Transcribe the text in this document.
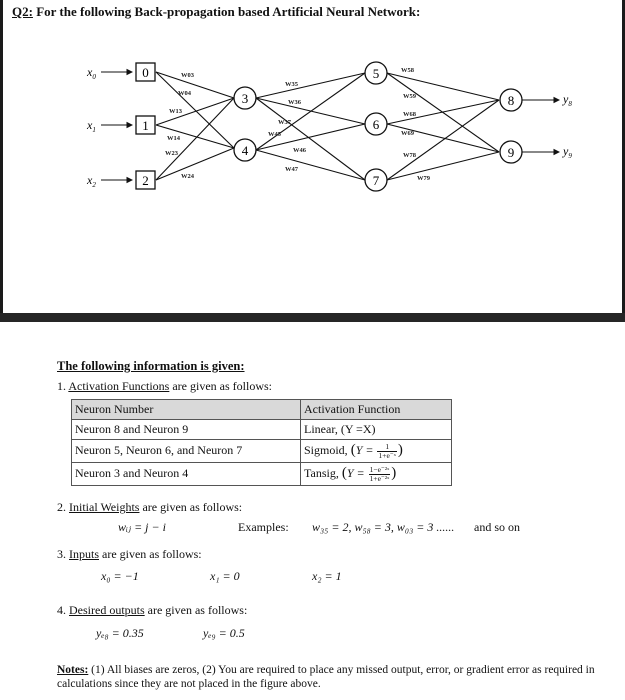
Q2: For the following Back-propagation based Artificial Neural Network:
$x_0$
$x_1$
$x_2$
0
1
2
3
4
5
6
7
8
9
$y_8$
$y_9$
W03
W04
W13
W14
W23
W24
W35
W36
W37
W45
W46
W47
W58
W59
W68
W69
W78
W79
The following information is given:
1. Activation Functions are given as follows:
Neuron Number	Activation Function
Neuron 8 and Neuron 9	Linear, (Y =X)
Neuron 5, Neuron 6, and Neuron 7	Sigmoid, ($Y = \frac{1}{\text{1+e⁻ˣ}}$ )
Neuron 3 and Neuron 4	Tansig, ($Y = \frac{\text{1−e⁻²ˣ}}{\text{1+e⁻²ˣ}}$ )
2. Initial Weights are given as follows:
wᵢⱼ = j − i	Examples: w₃₅ = 2, w₅₈ = 3, w₀₃ = 3 ...... and so on
3. Inputs are given as follows:
x₀ = −1	x₁ = 0	x₂ = 1
4. Desired outputs are given as follows:
yₑ₈ = 0.35	yₑ₉ = 0.5
Notes: (1) All biases are zeros, (2) You are required to place any missed output, error, or gradient error as required in calculations since they are not placed in the figure above.
